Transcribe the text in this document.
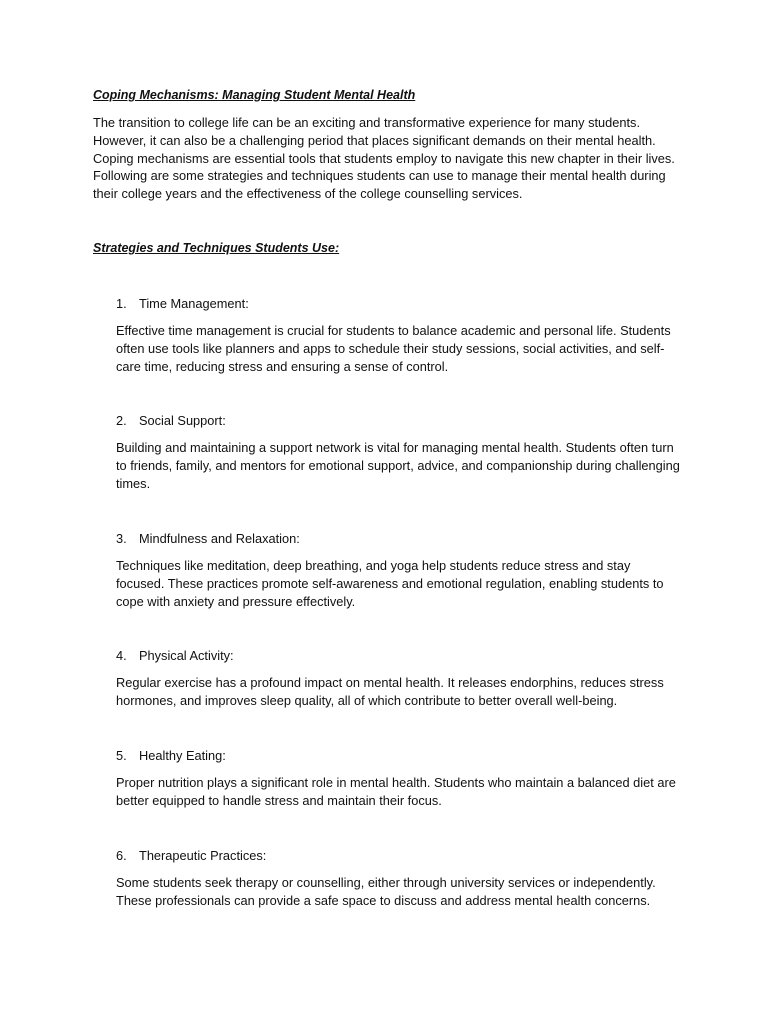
Coping Mechanisms: Managing Student Mental Health

The transition to college life can be an exciting and transformative experience for many students. However, it can also be a challenging period that places significant demands on their mental health. Coping mechanisms are essential tools that students employ to navigate this new chapter in their lives. Following are some strategies and techniques students can use to manage their mental health during their college years and the effectiveness of the college counselling services.

Strategies and Techniques Students Use:
1. Time Management:
Effective time management is crucial for students to balance academic and personal life. Students often use tools like planners and apps to schedule their study sessions, social activities, and self-care time, reducing stress and ensuring a sense of control.
2. Social Support:
Building and maintaining a support network is vital for managing mental health. Students often turn to friends, family, and mentors for emotional support, advice, and companionship during challenging times.
3. Mindfulness and Relaxation:
Techniques like meditation, deep breathing, and yoga help students reduce stress and stay focused. These practices promote self-awareness and emotional regulation, enabling students to cope with anxiety and pressure effectively.
4. Physical Activity:
Regular exercise has a profound impact on mental health. It releases endorphins, reduces stress hormones, and improves sleep quality, all of which contribute to better overall well-being.
5. Healthy Eating:
Proper nutrition plays a significant role in mental health. Students who maintain a balanced diet are better equipped to handle stress and maintain their focus.
6. Therapeutic Practices:
Some students seek therapy or counselling, either through university services or independently. These professionals can provide a safe space to discuss and address mental health concerns.
